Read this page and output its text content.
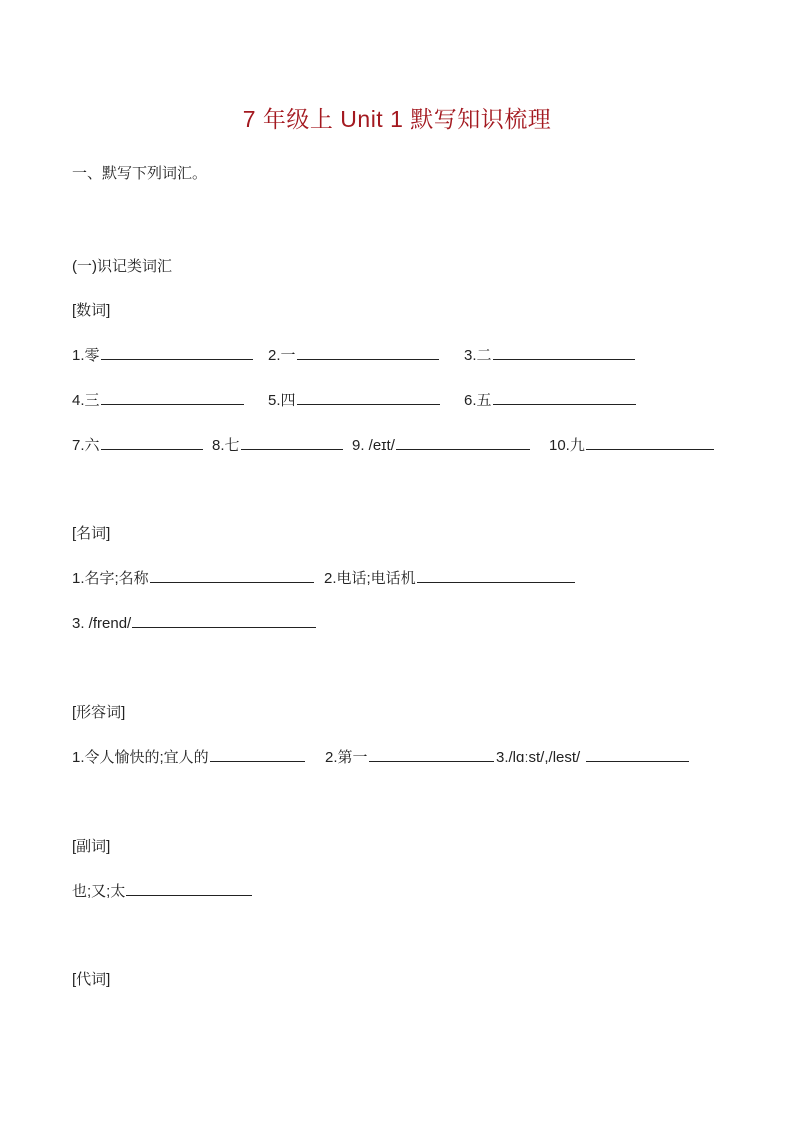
7 年级上 Unit 1 默写知识梳理
一、默写下列词汇。
(一)识记类词汇
[数词]
1.零	2.一	3.二
4.三	5.四	6.五
7.六	8.七	9. /eɪt/	10.九
[名词]
1.名字;名称	2.电话;电话机
3. /frend/
[形容词]
1.令人愉快的;宜人的	2.第一	3./lɑːst/,/lest/
[副词]
也;又;太
[代词]
